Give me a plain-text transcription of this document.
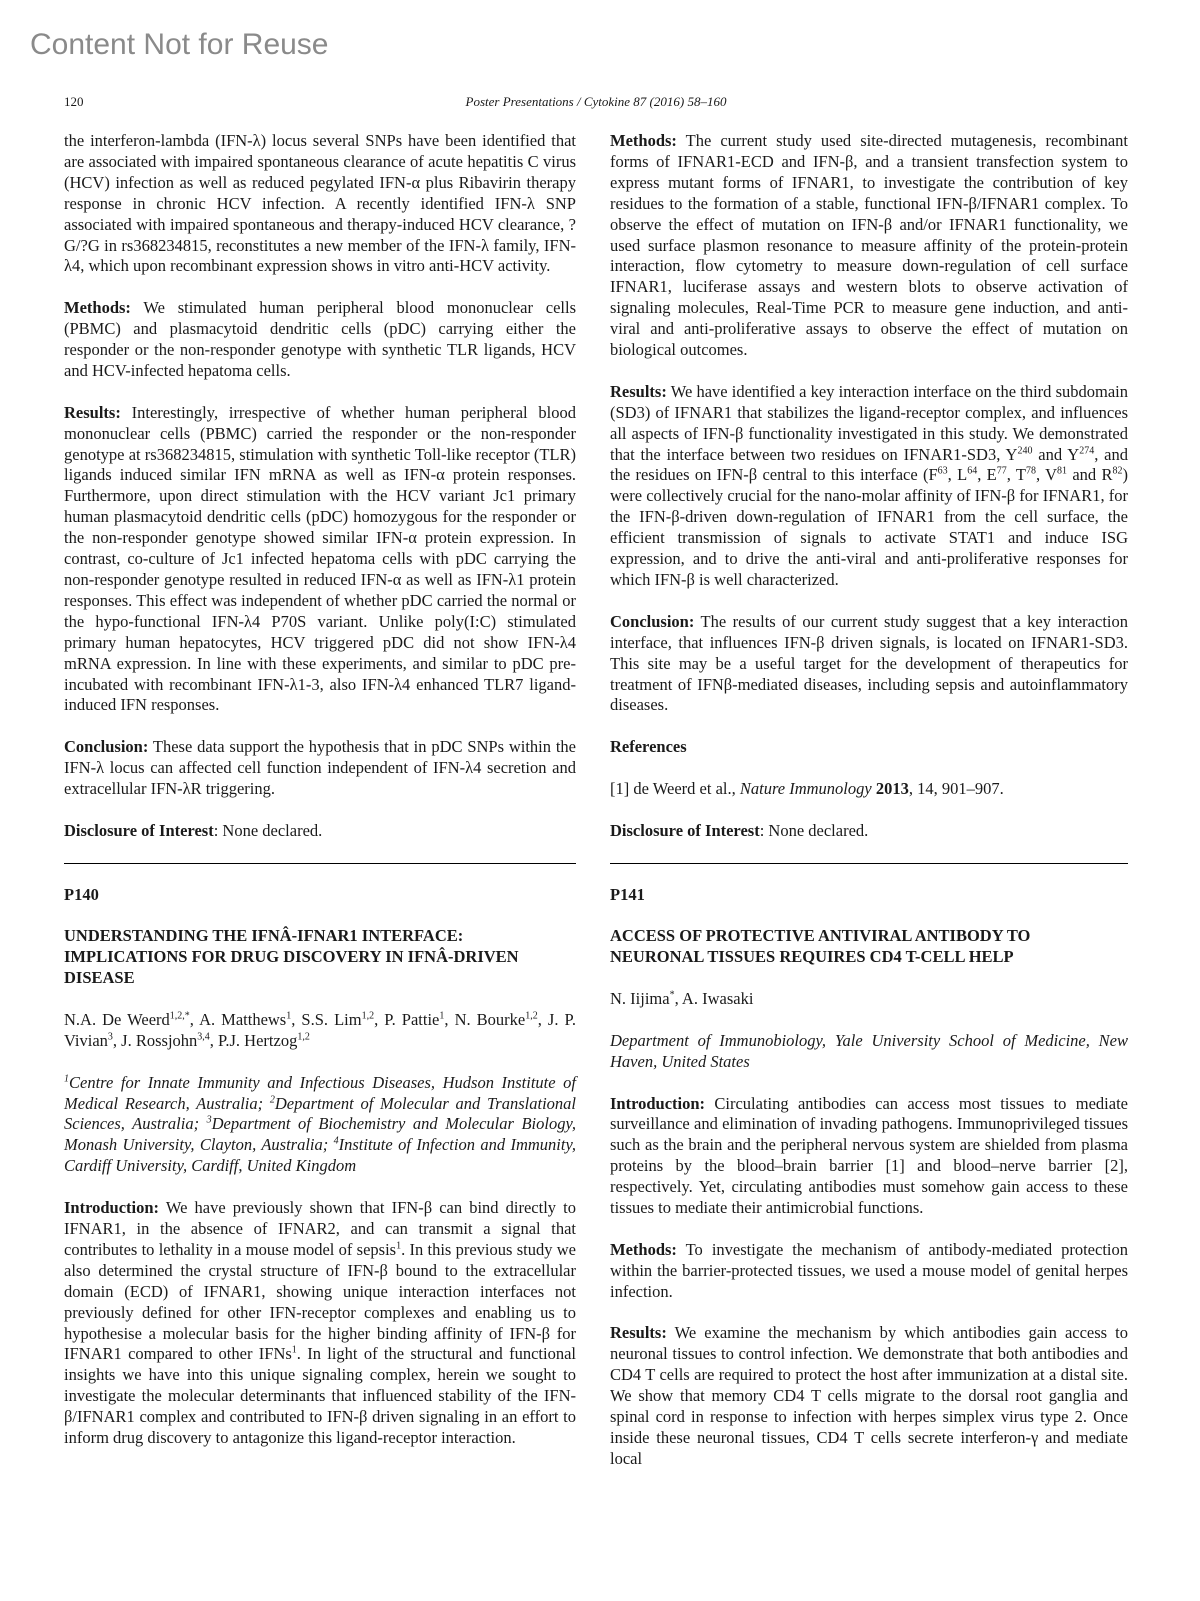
Content Not for Reuse
120	Poster Presentations / Cytokine 87 (2016) 58–160

the interferon-lambda (IFN-λ) locus several SNPs have been identified that are associated with impaired spontaneous clearance of acute hepatitis C virus (HCV) infection as well as reduced pegylated IFN-α plus Ribavirin therapy response in chronic HCV infection. A recently identified IFN-λ SNP associated with impaired spontaneous and therapy-induced HCV clearance, ?G/?G in rs368234815, reconstitutes a new member of the IFN-λ family, IFN-λ4, which upon recombinant expression shows in vitro anti-HCV activity.

Methods: We stimulated human peripheral blood mononuclear cells (PBMC) and plasmacytoid dendritic cells (pDC) carrying either the responder or the non-responder genotype with synthetic TLR ligands, HCV and HCV-infected hepatoma cells.

Results: Interestingly, irrespective of whether human peripheral blood mononuclear cells (PBMC) carried the responder or the non-responder genotype at rs368234815, stimulation with synthetic Toll-like receptor (TLR) ligands induced similar IFN mRNA as well as IFN-α protein responses. Furthermore, upon direct stimulation with the HCV variant Jc1 primary human plasmacytoid dendritic cells (pDC) homozygous for the responder or the non-responder genotype showed similar IFN-α protein expression. In contrast, co-culture of Jc1 infected hepatoma cells with pDC carrying the non-responder genotype resulted in reduced IFN-α as well as IFN-λ1 protein responses. This effect was independent of whether pDC carried the normal or the hypo-functional IFN-λ4 P70S variant. Unlike poly(I:C) stimulated primary human hepatocytes, HCV triggered pDC did not show IFN-λ4 mRNA expression. In line with these experiments, and similar to pDC pre-incubated with recombinant IFN-λ1-3, also IFN-λ4 enhanced TLR7 ligand-induced IFN responses.

Conclusion: These data support the hypothesis that in pDC SNPs within the IFN-λ locus can affected cell function independent of IFN-λ4 secretion and extracellular IFN-λR triggering.

Disclosure of Interest: None declared.

P140
UNDERSTANDING THE IFNÂ-IFNAR1 INTERFACE: IMPLICATIONS FOR DRUG DISCOVERY IN IFNÂ-DRIVEN DISEASE

N.A. De Weerd$^{1,2,*}$, A. Matthews$^1$, S.S. Lim$^{1,2}$, P. Pattie$^1$, N. Bourke$^{1,2}$, J. P. Vivian$^3$, J. Rossjohn$^{3,4}$, P.J. Hertzog$^{1,2}$

$^1$Centre for Innate Immunity and Infectious Diseases, Hudson Institute of Medical Research, Australia; $^2$Department of Molecular and Translational Sciences, Australia; $^3$Department of Biochemistry and Molecular Biology, Monash University, Clayton, Australia; $^4$Institute of Infection and Immunity, Cardiff University, Cardiff, United Kingdom

Introduction: We have previously shown that IFN-β can bind directly to IFNAR1, in the absence of IFNAR2, and can transmit a signal that contributes to lethality in a mouse model of sepsis$^1$. In this previous study we also determined the crystal structure of IFN-β bound to the extracellular domain (ECD) of IFNAR1, showing unique interaction interfaces not previously defined for other IFN-receptor complexes and enabling us to hypothesise a molecular basis for the higher binding affinity of IFN-β for IFNAR1 compared to other IFNs$^1$. In light of the structural and functional insights we have into this unique signaling complex, herein we sought to investigate the molecular determinants that influenced stability of the IFN-β/IFNAR1 complex and contributed to IFN-β driven signaling in an effort to inform drug discovery to antagonize this ligand-receptor interaction.

Methods: The current study used site-directed mutagenesis, recombinant forms of IFNAR1-ECD and IFN-β, and a transient transfection system to express mutant forms of IFNAR1, to investigate the contribution of key residues to the formation of a stable, functional IFN-β/IFNAR1 complex. To observe the effect of mutation on IFN-β and/or IFNAR1 functionality, we used surface plasmon resonance to measure affinity of the protein-protein interaction, flow cytometry to measure down-regulation of cell surface IFNAR1, luciferase assays and western blots to observe activation of signaling molecules, Real-Time PCR to measure gene induction, and anti-viral and anti-proliferative assays to observe the effect of mutation on biological outcomes.

Results: We have identified a key interaction interface on the third subdomain (SD3) of IFNAR1 that stabilizes the ligand-receptor complex, and influences all aspects of IFN-β functionality investigated in this study. We demonstrated that the interface between two residues on IFNAR1-SD3, $Y^{240}$ and $Y^{274}$, and the residues on IFN-β central to this interface ($F^{63}$, $L^{64}$, $E^{77}$, $T^{78}$, $V^{81}$ and $R^{82}$) were collectively crucial for the nano-molar affinity of IFN-β for IFNAR1, for the IFN-β-driven down-regulation of IFNAR1 from the cell surface, the efficient transmission of signals to activate STAT1 and induce ISG expression, and to drive the anti-viral and anti-proliferative responses for which IFN-β is well characterized.

Conclusion: The results of our current study suggest that a key interaction interface, that influences IFN-β driven signals, is located on IFNAR1-SD3. This site may be a useful target for the development of therapeutics for treatment of IFNβ-mediated diseases, including sepsis and autoinflammatory diseases.

References

[1] de Weerd et al., Nature Immunology 2013, 14, 901–907.

Disclosure of Interest: None declared.

P141
ACCESS OF PROTECTIVE ANTIVIRAL ANTIBODY TO NEURONAL TISSUES REQUIRES CD4 T-CELL HELP

N. Iijima*, A. Iwasaki

Department of Immunobiology, Yale University School of Medicine, New Haven, United States

Introduction: Circulating antibodies can access most tissues to mediate surveillance and elimination of invading pathogens. Immunoprivileged tissues such as the brain and the peripheral nervous system are shielded from plasma proteins by the blood–brain barrier [1] and blood–nerve barrier [2], respectively. Yet, circulating antibodies must somehow gain access to these tissues to mediate their antimicrobial functions.

Methods: To investigate the mechanism of antibody-mediated protection within the barrier-protected tissues, we used a mouse model of genital herpes infection.

Results: We examine the mechanism by which antibodies gain access to neuronal tissues to control infection. We demonstrate that both antibodies and CD4 T cells are required to protect the host after immunization at a distal site. We show that memory CD4 T cells migrate to the dorsal root ganglia and spinal cord in response to infection with herpes simplex virus type 2. Once inside these neuronal tissues, CD4 T cells secrete interferon-γ and mediate local
